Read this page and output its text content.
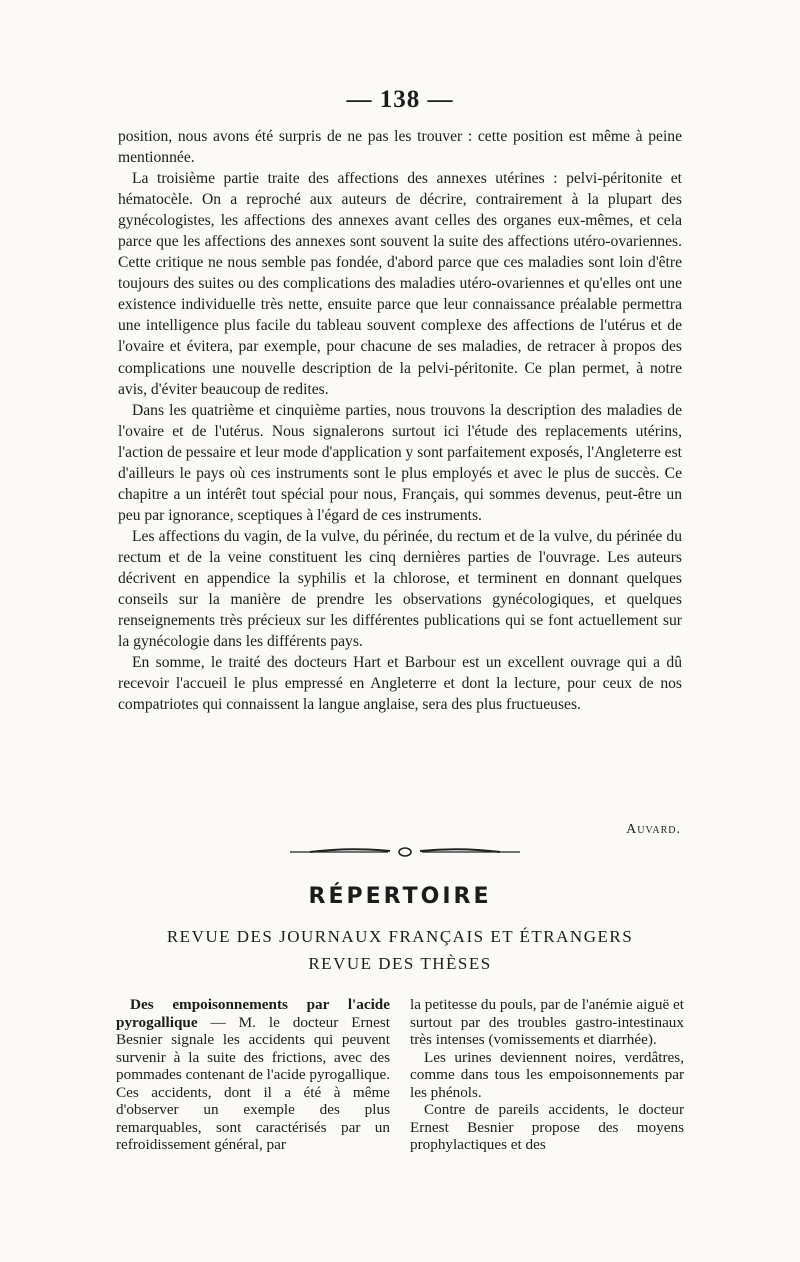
— 138 —

position, nous avons été surpris de ne pas les trouver : cette position est même à peine mentionnée.

La troisième partie traite des affections des annexes utérines : pelvi-péritonite et hématocèle. On a reproché aux auteurs de décrire, contrairement à la plupart des gynécologistes, les affections des annexes avant celles des organes eux-mêmes, et cela parce que les affections des annexes sont souvent la suite des affections utéro-ovariennes. Cette critique ne nous semble pas fondée, d'abord parce que ces maladies sont loin d'être toujours des suites ou des complications des maladies utéro-ovariennes et qu'elles ont une existence individuelle très nette, ensuite parce que leur connaissance préalable permettra une intelligence plus facile du tableau souvent complexe des affections de l'utérus et de l'ovaire et évitera, par exemple, pour chacune de ses maladies, de retracer à propos des complications une nouvelle description de la pelvi-péritonite. Ce plan permet, à notre avis, d'éviter beaucoup de redites.

Dans les quatrième et cinquième parties, nous trouvons la description des maladies de l'ovaire et de l'utérus. Nous signalerons surtout ici l'étude des replacements utérins, l'action de pessaire et leur mode d'application y sont parfaitement exposés, l'Angleterre est d'ailleurs le pays où ces instruments sont le plus employés et avec le plus de succès. Ce chapitre a un intérêt tout spécial pour nous, Français, qui sommes devenus, peut-être un peu par ignorance, sceptiques à l'égard de ces instruments.

Les affections du vagin, de la vulve, du périnée, du rectum et de la vulve, du périnée du rectum et de la veine constituent les cinq dernières parties de l'ouvrage. Les auteurs décrivent en appendice la syphilis et la chlorose, et terminent en donnant quelques conseils sur la manière de prendre les observations gynécologiques, et quelques renseignements très précieux sur les différentes publications qui se font actuellement sur la gynécologie dans les différents pays.

En somme, le traité des docteurs Hart et Barbour est un excellent ouvrage qui a dû recevoir l'accueil le plus empressé en Angleterre et dont la lecture, pour ceux de nos compatriotes qui connaissent la langue anglaise, sera des plus fructueuses.

Auvard.
RÉPERTOIRE
REVUE DES JOURNAUX FRANÇAIS ET ÉTRANGERS
REVUE DES THÈSES

Des empoisonnements par l'acide pyrogallique — M. le docteur Ernest Besnier signale les accidents qui peuvent survenir à la suite des frictions, avec des pommades contenant de l'acide pyrogallique. Ces accidents, dont il a été à même d'observer un exemple des plus remarquables, sont caractérisés par un refroidissement général, par

la petitesse du pouls, par de l'anémie aiguë et surtout par des troubles gastro-intestinaux très intenses (vomissements et diarrhée).

Les urines deviennent noires, verdâtres, comme dans tous les empoisonnements par les phénols.

Contre de pareils accidents, le docteur Ernest Besnier propose des moyens prophylactiques et des
